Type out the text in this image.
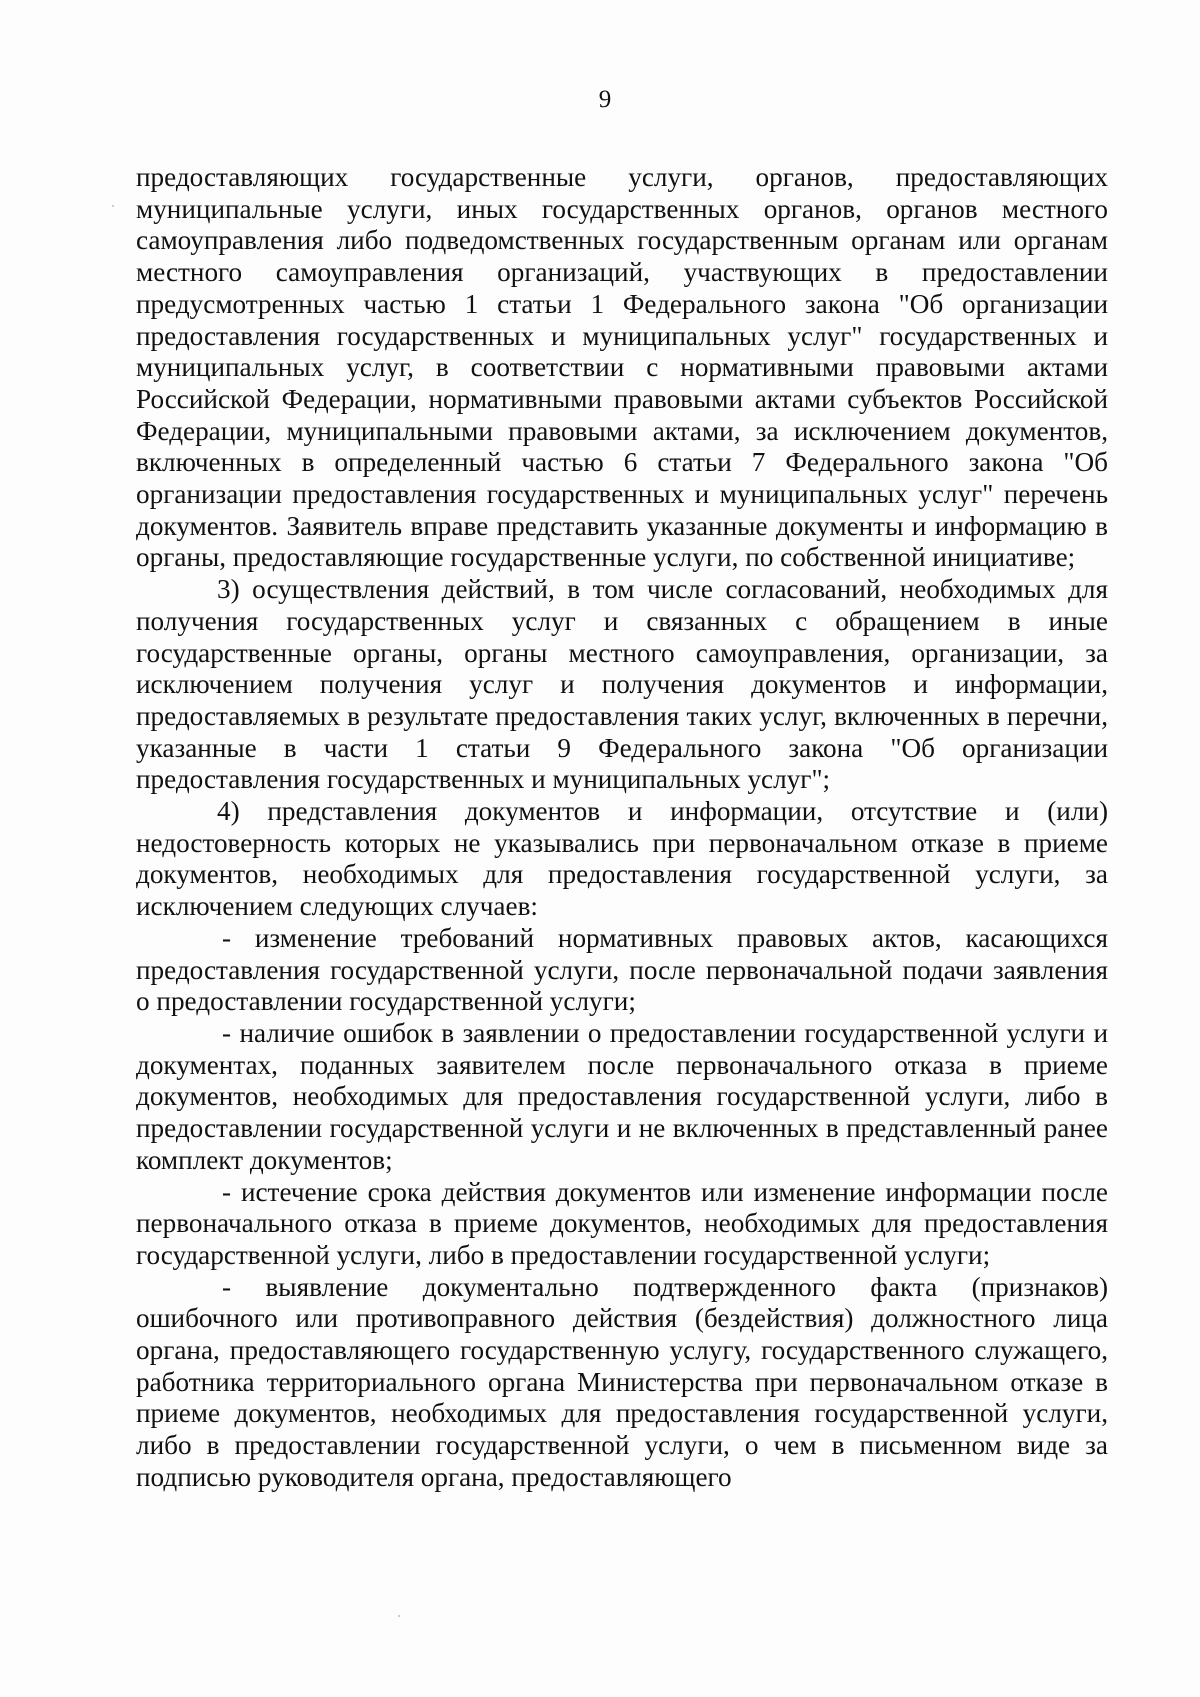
9

предоставляющих государственные услуги, органов, предоставляющих муниципальные услуги, иных государственных органов, органов местного самоуправления либо подведомственных государственным органам или органам местного самоуправления организаций, участвующих в предоставлении предусмотренных частью 1 статьи 1 Федерального закона "Об организации предоставления государственных и муниципальных услуг" государственных и муниципальных услуг, в соответствии с нормативными правовыми актами Российской Федерации, нормативными правовыми актами субъектов Российской Федерации, муниципальными правовыми актами, за исключением документов, включенных в определенный частью 6 статьи 7 Федерального закона "Об организации предоставления государственных и муниципальных услуг" перечень документов. Заявитель вправе представить указанные документы и информацию в органы, предоставляющие государственные услуги, по собственной инициативе;

3) осуществления действий, в том числе согласований, необходимых для получения государственных услуг и связанных с обращением в иные государственные органы, органы местного самоуправления, организации, за исключением получения услуг и получения документов и информации, предоставляемых в результате предоставления таких услуг, включенных в перечни, указанные в части 1 статьи 9 Федерального закона "Об организации предоставления государственных и муниципальных услуг";

4) представления документов и информации, отсутствие и (или) недостоверность которых не указывались при первоначальном отказе в приеме документов, необходимых для предоставления государственной услуги, за исключением следующих случаев:

- изменение требований нормативных правовых актов, касающихся предоставления государственной услуги, после первоначальной подачи заявления о предоставлении государственной услуги;

- наличие ошибок в заявлении о предоставлении государственной услуги и документах, поданных заявителем после первоначального отказа в приеме документов, необходимых для предоставления государственной услуги, либо в предоставлении государственной услуги и не включенных в представленный ранее комплект документов;

- истечение срока действия документов или изменение информации после первоначального отказа в приеме документов, необходимых для предоставления государственной услуги, либо в предоставлении государственной услуги;

- выявление документально подтвержденного факта (признаков) ошибочного или противоправного действия (бездействия) должностного лица органа, предоставляющего государственную услугу, государственного служащего, работника территориального органа Министерства при первоначальном отказе в приеме документов, необходимых для предоставления государственной услуги, либо в предоставлении государственной услуги, о чем в письменном виде за подписью руководителя органа, предоставляющего
